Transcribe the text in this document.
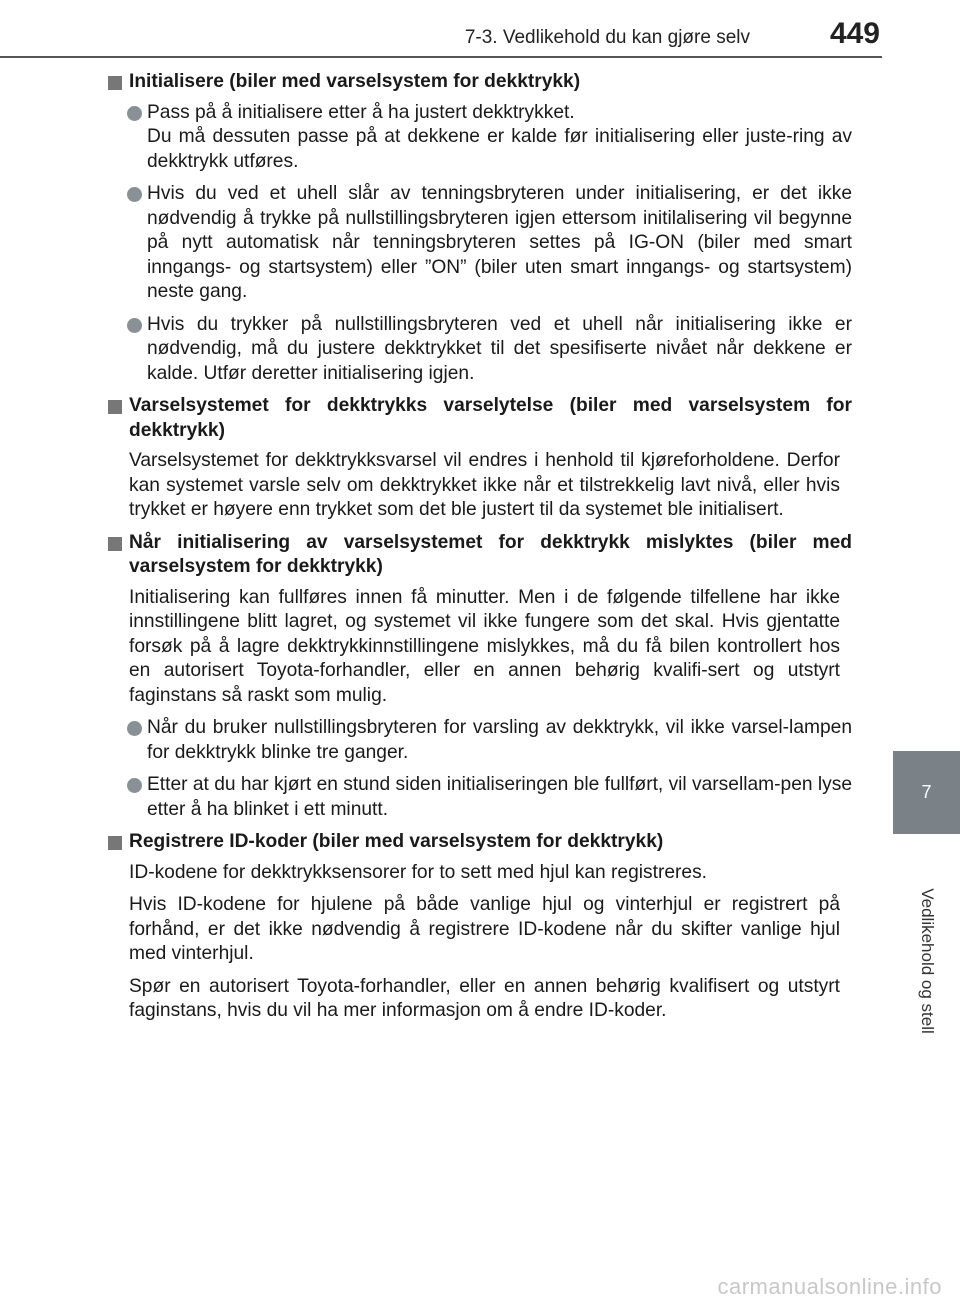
7-3. Vedlikehold du kan gjøre selv	449
7
Vedlikehold og stell
Initialisere (biler med varselsystem for dekktrykk)
Pass på å initialisere etter å ha justert dekktrykket.
Du må dessuten passe på at dekkene er kalde før initialisering eller juste-ring av dekktrykk utføres.
Hvis du ved et uhell slår av tenningsbryteren under initialisering, er det ikke nødvendig å trykke på nullstillingsbryteren igjen ettersom initilalisering vil begynne på nytt automatisk når tenningsbryteren settes på IG-ON (biler med smart inngangs- og startsystem) eller ”ON” (biler uten smart inngangs- og startsystem) neste gang.
Hvis du trykker på nullstillingsbryteren ved et uhell når initialisering ikke er nødvendig, må du justere dekktrykket til det spesifiserte nivået når dekkene er kalde. Utfør deretter initialisering igjen.
Varselsystemet for dekktrykks varselytelse (biler med varselsystem for dekktrykk)
Varselsystemet for dekktrykksvarsel vil endres i henhold til kjøreforholdene. Derfor kan systemet varsle selv om dekktrykket ikke når et tilstrekkelig lavt nivå, eller hvis trykket er høyere enn trykket som det ble justert til da systemet ble initialisert.
Når initialisering av varselsystemet for dekktrykk mislyktes (biler med varselsystem for dekktrykk)
Initialisering kan fullføres innen få minutter. Men i de følgende tilfellene har ikke innstillingene blitt lagret, og systemet vil ikke fungere som det skal. Hvis gjentatte forsøk på å lagre dekktrykkinnstillingene mislykkes, må du få bilen kontrollert hos en autorisert Toyota-forhandler, eller en annen behørig kvalifi-sert og utstyrt faginstans så raskt som mulig.
Når du bruker nullstillingsbryteren for varsling av dekktrykk, vil ikke varsel-lampen for dekktrykk blinke tre ganger.
Etter at du har kjørt en stund siden initialiseringen ble fullført, vil varsellam-pen lyse etter å ha blinket i ett minutt.
Registrere ID-koder (biler med varselsystem for dekktrykk)
ID-kodene for dekktrykksensorer for to sett med hjul kan registreres.
Hvis ID-kodene for hjulene på både vanlige hjul og vinterhjul er registrert på forhånd, er det ikke nødvendig å registrere ID-kodene når du skifter vanlige hjul med vinterhjul.
Spør en autorisert Toyota-forhandler, eller en annen behørig kvalifisert og utstyrt faginstans, hvis du vil ha mer informasjon om å endre ID-koder.
carmanualsonline.info
